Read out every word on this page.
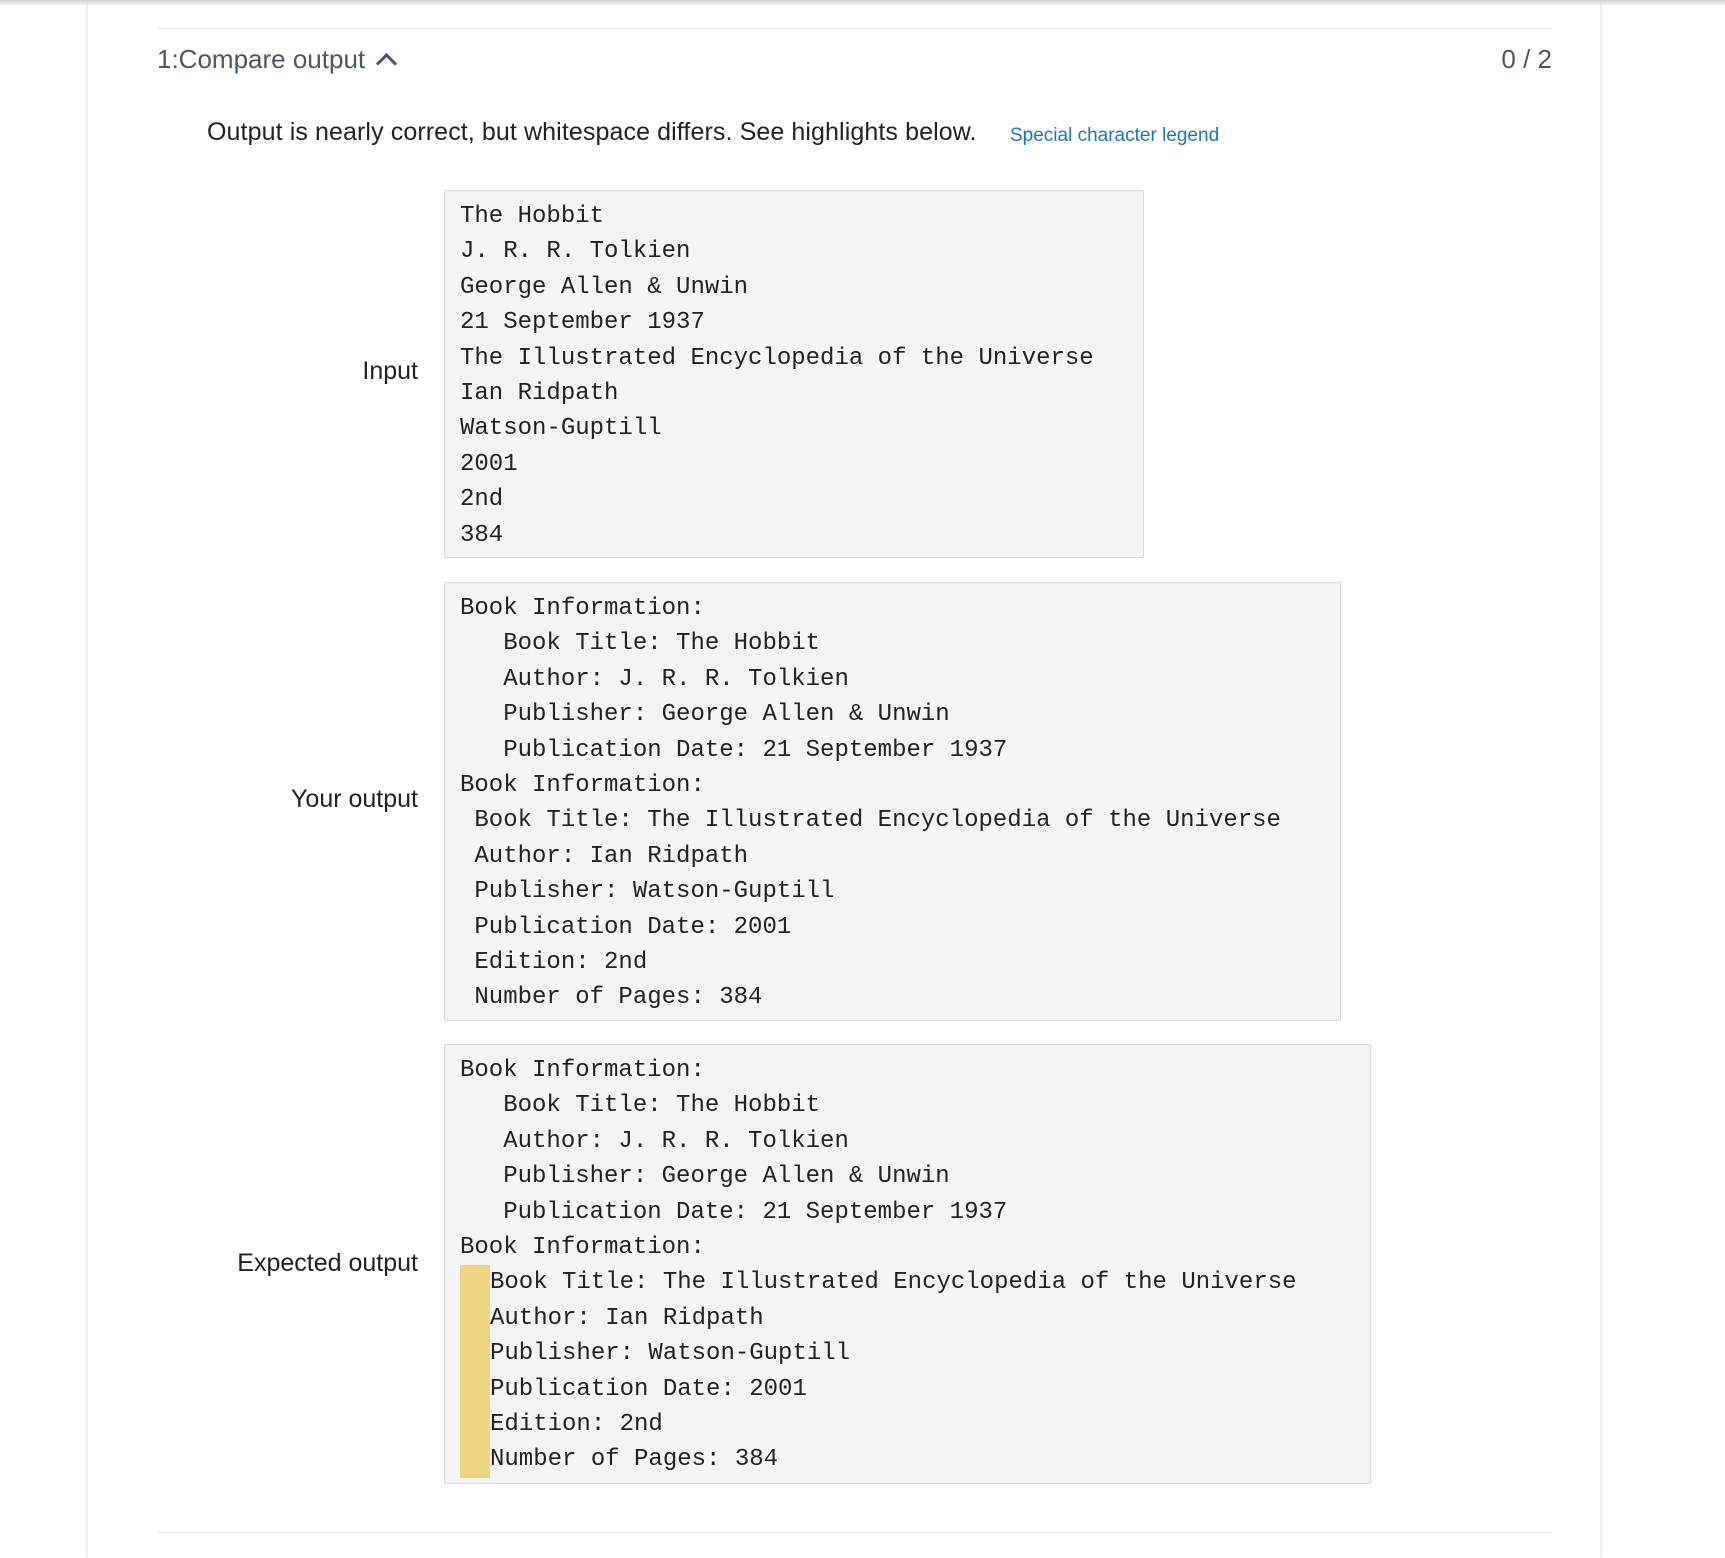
1:Compare output	0 / 2
Output is nearly correct, but whitespace differs. See highlights below. Special character legend
Input
The Hobbit
J. R. R. Tolkien
George Allen & Unwin
21 September 1937
The Illustrated Encyclopedia of the Universe
Ian Ridpath
Watson-Guptill
2001
2nd
384
Your output
Book Information:
Book Title: The Hobbit
Author: J. R. R. Tolkien
Publisher: George Allen & Unwin
Publication Date: 21 September 1937
Book Information:
Book Title: The Illustrated Encyclopedia of the Universe
Author: Ian Ridpath
Publisher: Watson-Guptill
Publication Date: 2001
Edition: 2nd
Number of Pages: 384
Expected output
Book Information:
Book Title: The Hobbit
Author: J. R. R. Tolkien
Publisher: George Allen & Unwin
Publication Date: 21 September 1937
Book Information:
Book Title: The Illustrated Encyclopedia of the Universe
Author: Ian Ridpath
Publisher: Watson-Guptill
Publication Date: 2001
Edition: 2nd
Number of Pages: 384
